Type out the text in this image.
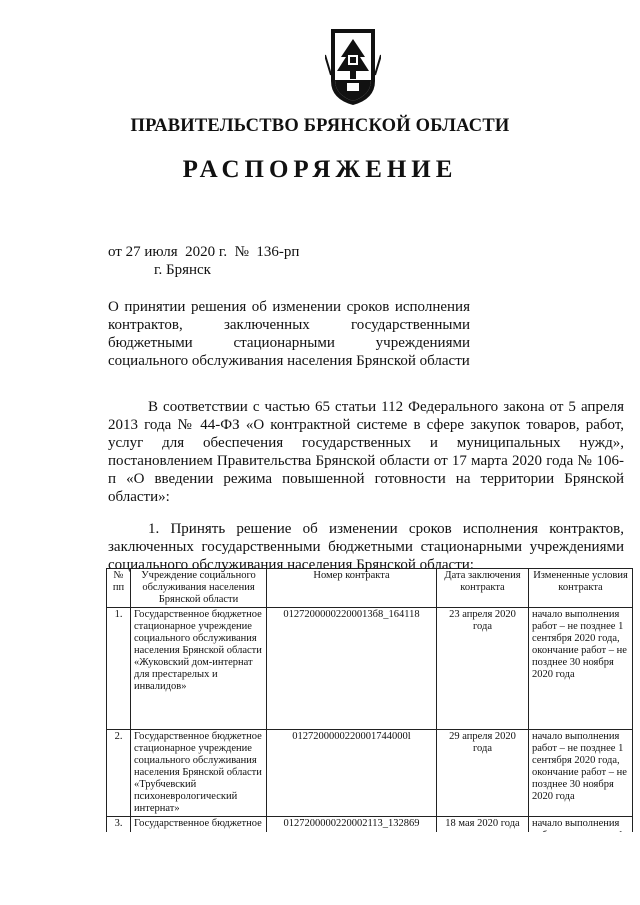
ПРАВИТЕЛЬСТВО БРЯНСКОЙ ОБЛАСТИ
РАСПОРЯЖЕНИЕ
от 27 июля  2020 г.  №  136-рп
г. Брянск
О принятии решения об изменении сроков исполнения контрактов, заключенных государственными бюджетными стационарными учреждениями социального обслуживания населения Брянской области
В соответствии с частью 65 статьи 112 Федерального закона от 5 апреля 2013 года № 44-ФЗ «О контрактной системе в сфере закупок товаров, работ, услуг для обеспечения государственных и муниципальных нужд», постановлением Правительства Брянской области от 17 марта 2020 года № 106-п «О введении режима повышенной готовности на территории Брянской области»:
1. Принять решение об изменении сроков исполнения контрактов, заключенных государственными бюджетными стационарными учреждениями социального обслуживания населения Брянской области:
№ пп	Учреждение социального обслуживания населения Брянской области	Номер контракта	Дата заключения контракта	Измененные условия контракта
1.	Государственное бюджетное стационарное учреждение социального обслуживания населения Брянской области «Жуковский дом-интернат для престарелых и инвалидов»	01272000002200013б8_164118	23 апреля 2020 года	начало выполнения работ – не позднее 1 сентября 2020 года, окончание работ – не позднее 30 ноября 2020 года
2.	Государственное бюджетное стационарное учреждение социального обслуживания населения Брянской области «Трубчевский психоневрологический интернат»	0127200000220001744000l	29 апреля 2020 года	начало выполнения работ – не позднее 1 сентября 2020 года, окончание работ – не позднее 30 ноября 2020 года
3.	Государственное бюджетное	0127200000220002113_132869	18 мая 2020 года	начало выполнения
